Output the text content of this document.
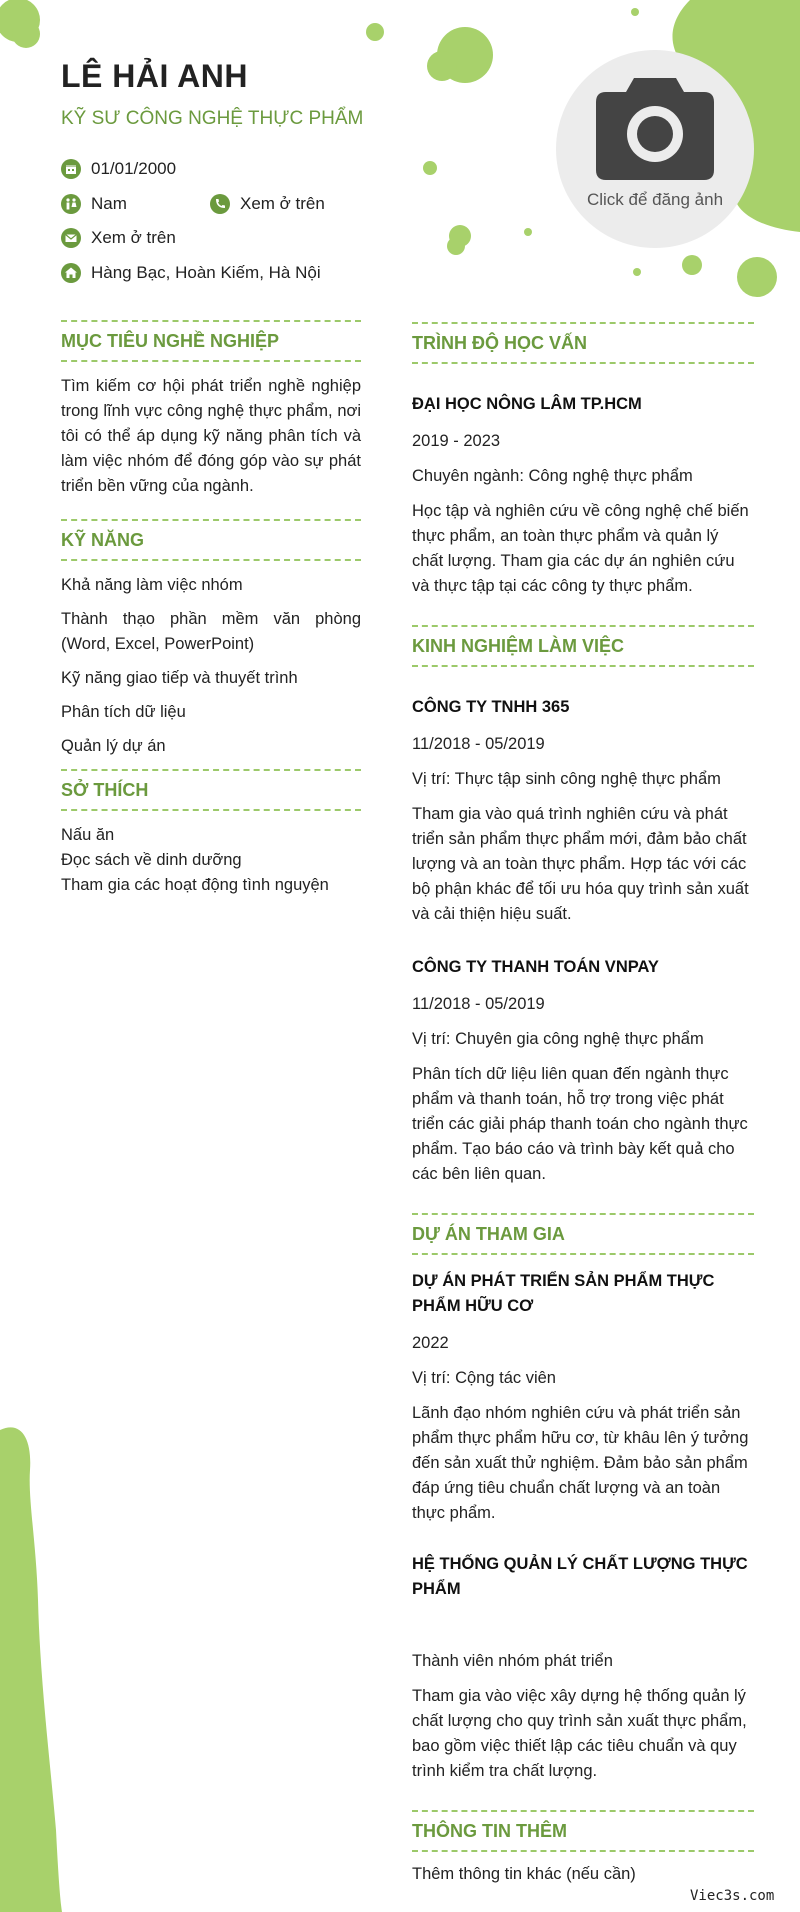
LÊ HẢI ANH
KỸ SƯ CÔNG NGHỆ THỰC PHẨM
01/01/2000
Nam	Xem ở trên
Xem ở trên
Hàng Bạc, Hoàn Kiếm, Hà Nội
Click để đăng ảnh
MỤC TIÊU NGHỀ NGHIỆP

Tìm kiếm cơ hội phát triển nghề nghiệp trong lĩnh vực công nghệ thực phẩm, nơi tôi có thể áp dụng kỹ năng phân tích và làm việc nhóm để đóng góp vào sự phát triển bền vững của ngành.

KỸ NĂNG

Khả năng làm việc nhóm

Thành thạo phần mềm văn phòng (Word, Excel, PowerPoint)

Kỹ năng giao tiếp và thuyết trình

Phân tích dữ liệu

Quản lý dự án

SỞ THÍCH

Nấu ăn

Đọc sách về dinh dưỡng

Tham gia các hoạt động tình nguyện

TRÌNH ĐỘ HỌC VẤN

ĐẠI HỌC NÔNG LÂM TP.HCM

2019 - 2023

Chuyên ngành: Công nghệ thực phẩm

Học tập và nghiên cứu về công nghệ chế biến thực phẩm, an toàn thực phẩm và quản lý chất lượng. Tham gia các dự án nghiên cứu và thực tập tại các công ty thực phẩm.

KINH NGHIỆM LÀM VIỆC

CÔNG TY TNHH 365

11/2018 - 05/2019

Vị trí: Thực tập sinh công nghệ thực phẩm

Tham gia vào quá trình nghiên cứu và phát triển sản phẩm thực phẩm mới, đảm bảo chất lượng và an toàn thực phẩm. Hợp tác với các bộ phận khác để tối ưu hóa quy trình sản xuất và cải thiện hiệu suất.

CÔNG TY THANH TOÁN VNPAY

11/2018 - 05/2019

Vị trí: Chuyên gia công nghệ thực phẩm

Phân tích dữ liệu liên quan đến ngành thực phẩm và thanh toán, hỗ trợ trong việc phát triển các giải pháp thanh toán cho ngành thực phẩm. Tạo báo cáo và trình bày kết quả cho các bên liên quan.

DỰ ÁN THAM GIA

DỰ ÁN PHÁT TRIỂN SẢN PHẨM THỰC PHẨM HỮU CƠ

2022

Vị trí: Cộng tác viên

Lãnh đạo nhóm nghiên cứu và phát triển sản phẩm thực phẩm hữu cơ, từ khâu lên ý tưởng đến sản xuất thử nghiệm. Đảm bảo sản phẩm đáp ứng tiêu chuẩn chất lượng và an toàn thực phẩm.

HỆ THỐNG QUẢN LÝ CHẤT LƯỢNG THỰC PHẨM

Thành viên nhóm phát triển

Tham gia vào việc xây dựng hệ thống quản lý chất lượng cho quy trình sản xuất thực phẩm, bao gồm việc thiết lập các tiêu chuẩn và quy trình kiểm tra chất lượng.

THÔNG TIN THÊM

Thêm thông tin khác (nếu cần)

Viec3s.com
